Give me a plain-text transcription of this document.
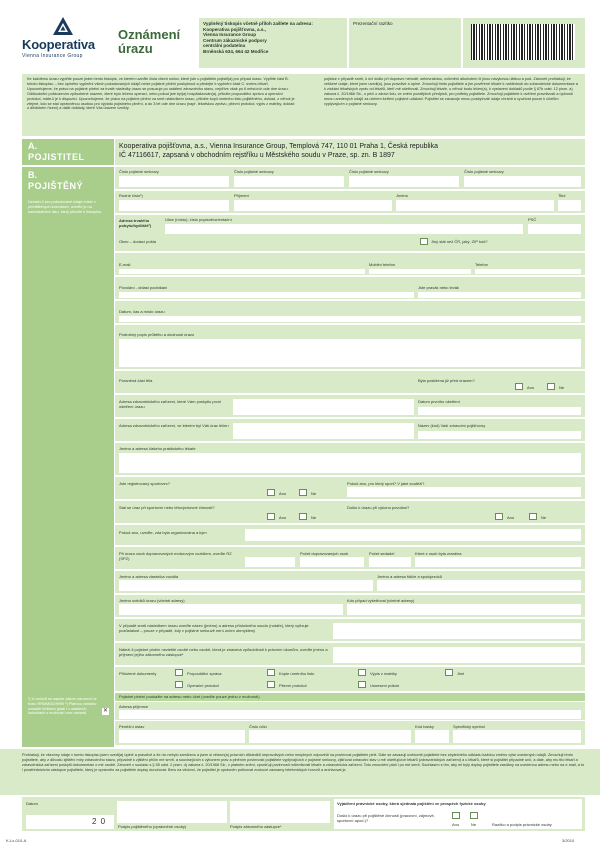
Kooperativa
Vienna Insurance Group
Oznámení
úrazu
Vyplněný tiskopis včetně příloh zašlete na adresu:
Kooperativa pojišťovna, a.s.,
Vienna Insurance Group
Centrum zákaznické podpory
centrální podatelna
Brněnská 634, 664 42 Modřice
Prezentační razítko
Ke každému úrazu vyplňte pouze jeden tento tiskopis, ve kterém uveďte čísla všech smluv, které jste u pojistitele pojistil(a) pro případ úrazu. Vyplňte část B. tohoto tiskopisu – bez úplného vyplnění všech požadovaných údajů nelze pojistné plnění poskytnout a předejte k vyplnění části C. svému lékaři. Upozorňujeme, že právo na pojistné plnění za trvalé následky úrazu se posuzuje po ustálení zdravotního stavu, nejdříve však po 6 měsících ode dne úrazu. Odškodnění poškozením způsobené úrazem, které bylo léčeno operací, nebo pokud jste byl(a) hospitalizován(a), přiložte propouštěcí zprávu a operační protokol, máte-li je k dispozici. Upozorňujeme, že právo na pojistné plnění za smrt následkem úrazu, přiložte kopii úmrtního listu pojištěného, doklad, z něhož je zřejmé, kdo se stal oprávněnou osobou pro výplatu pojistného plnění, a do 3 let ode dne úrazu (např. lékařskou zprávu, pitevní protokol, výpis z matriky, doklad o dědickém řízení) a další doklady, které Vás úrazem vznikly.
pojistce v případě smrti, k níž došlo při dopravní nehodě, sebevraždou, ovlivnění alkoholem či jinou návykovou látkou a pod. Zároveň prohlašuji, že veškeré údaje, které jsem uvedl(a), jsou pravdivé a úplné. Zmocňuji tímto pojistitele a jím pověřené lékaře k nahlédnutí do zdravotnické dokumentace a k získání lékařských zpráv od lékařů, kteří mě ošetřovali. Zmocňuji lékaře, u něhož budu léčen(a), k vystavení dokladů podle § 67b odst. 12 písm. a) zákona č. 20/1966 Sb., o péči o zdraví lidu, ve znění pozdějších předpisů, pro potřeby pojistitele. Zmocňuji pojistitele k ověření pravdivosti a úplnosti mnou uvedených údajů za účelem šetření pojistné události. Pojistitel se zavazuje mnou poskytnuté údaje chránit a využívat pouze k účelům vyplývajícím z pojistné smlouvy.
A.
POJISTITEL
Kooperativa pojišťovna, a.s., Vienna Insurance Group, Templová 747, 110 01 Praha 1, Česká republika
IČ 47116617, zapsaná v obchodním rejstříku u Městského soudu v Praze, sp. zn. B 1897
B.
POJIŠTĚNÝ
Nestačí-li pro požadované údaje místo v předtištěných kolonkách, uveďte je na samostatném listu, který přiložte k tiskopisu.
¹) U cizinců se zapíše datum narození ve tvaru RRMMDD/9999 ²) Platnou variantu označte křížkem (platí i v ostatních kolonkách s možností více variant)	✕
Číslo pojistné smlouvy	Číslo pojistné smlouvy	Číslo pojistné smlouvy	Číslo pojistné smlouvy
Rodné číslo¹)	Příjmení	Jméno	Titul
Adresa trvalého pobytu/bydliště²)
Ulice (místo), číslo popisné/orientační	PSČ
Obec – dodací pošta	Jiný stát než ČR, jaký, ZIP kód?
E-mail	Mobilní telefon	Telefon
Povolání - oblast podnikání	Jste pravák nebo levák
Datum, čas a místo úrazu
Podrobný popis průběhu a okolností úrazu
Poraněná část těla	Byla postižena již před úrazem?
Ano	Ne
Adresa zdravotnického zařízení, které Vám poskytlo první ošetření úrazu
Datum prvního ošetření
Adresa zdravotnického zařízení, ve kterém byl Váš úraz léčen	Název (kód) Vaší zdravotní pojišťovny
Jméno a adresa Vašeho praktického lékaře
Jste registrovaný sportovec?
Ano	Ne
Pokud ano, pro který sport? V jaké soutěži?
Stal se úraz při sportovní nebo tělovýchovné činnosti?
Ano	Ne
Došlo k úrazu při výkonu povolání?
Ano	Ne
Pokud ano, uveďte, zda byla organizována a kým
Při úrazu osob dopravovaných motorovým vozidlem, uveďte RZ (SPZ)
Počet dopravovaných osob	Počet sedadel	Které z osob byla zraněna
Jméno a adresa vlastníka vozidla	Jméno a adresa řidiče a spolujezdců
Jméno svědků úrazu (včetně adresy)	Kdo případ vyšetřoval (včetně adresy)
V případě smrti následkem úrazu uveďte název (jméno) a adresu příslušného soudu (notáře), který vyřizuje pozůstalost – pouze v případě, kdy v pojistné smlouvě není určen obmyšlený
Náleží-li pojistné plnění nezletilé osobě nebo osobě, která je zbavená způsobilosti k právním úkonům, uveďte jméno a příjmení jejího zákonného zástupce*
Přiložené dokumenty	Propouštěcí zpráva	Kopie úmrtního listu	Výpis z matriky	Jiné
Operační protokol	Pitevní protokol	Usnesení policie
Pojistné plnění poukažte na adresu nebo účet (uveďte pouze jednu z možností)
Adresa příjemce
Peněžní ústav	Číslo účtu	Kód banky	Specifický symbol
Prohlašuji, že všechny údaje v tomto tiskopisu jsem uvedl(a) úplně a pravdivě a že nic nebylo zamlčeno a jsem si vědom(a) právních důsledků nepravdivých nebo neúplných odpovědí na povinnost pojistitele plnit. Dále se zavazuji uvědomit pojistitele bez zbytečného odkladu každou změnu výše uvedených údajů. Zmocňuji tímto pojistitele, aby z důvodu zjištění míry zdravotního stavu, případně k zjištění příčin mé smrti, a souvisejících s výkonem práv a plněním povinností pojistitele vyplývajících z pojistné smlouvy, zjišťoval zdravotní stav u mě ošetřujících lékařů (zdravotnických zařízení) a u lékařů, které si pojistitel případně určí, a dále, aby mu tito lékaři a zdravotnická zařízení poskytli dokumentaci o mé osobě. Zároveň v souladu s § 55 odst. 2 písm. d) zákona č. 20/1966 Sb., v platném znění, zprošťuji povinnosti mlčenlivosti lékaře a zdravotnická zařízení. Toto zmocnění platí i po mé smrti. Souhlasím s tím, aby mi byly dopisy pojistitele zasílány na uvedenou adresu nebo na e-mail, a to i prostřednictvím zástupce pojistitele, který je oprávněn za pojistitele dopisy doručovat. Beru na vědomí, že pojistitel je oprávněn pořizovat zvukové záznamy telefonických hovorů a archivovat je.
Datum
2 0
Podpis pojištěného (oprávněné osoby)	Podpis zákonného zástupce*
Vyjádření právnické osoby, která sjednala pojištění ve prospěch fyzické osoby
Došlo k úrazu při pojištěné činnosti (pracovní, zájmové, sportovní apod.)?
Ano	Ne	Razítko a podpis právnické osoby
K-Lx-010-A	3/2010
